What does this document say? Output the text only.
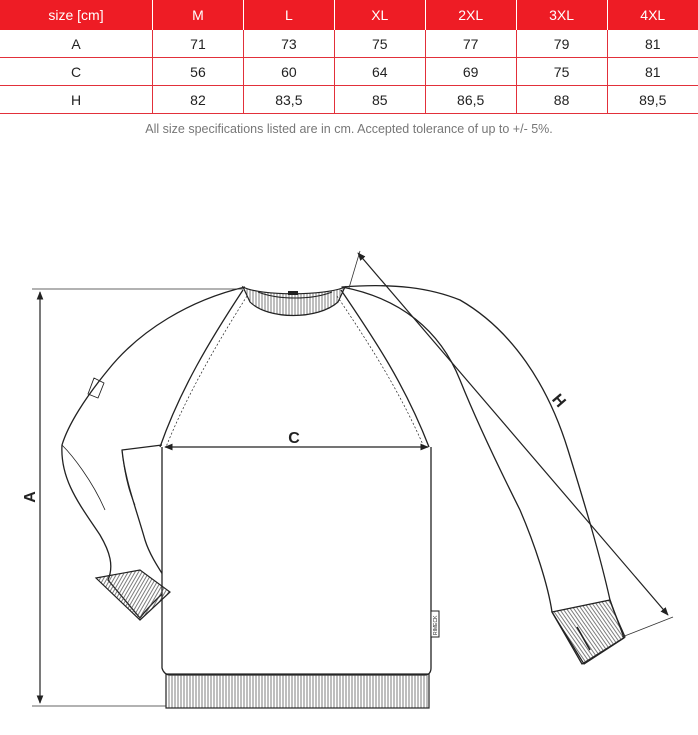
size [cm]	M	L	XL	2XL	3XL	4XL
A	71	73	75	77	79	81
C	56	60	64	69	75	81
H	82	83,5	85	86,5	88	89,5
All size specifications listed are in cm. Accepted tolerance of up to +/- 5%.
RIMECK
A
C
H
